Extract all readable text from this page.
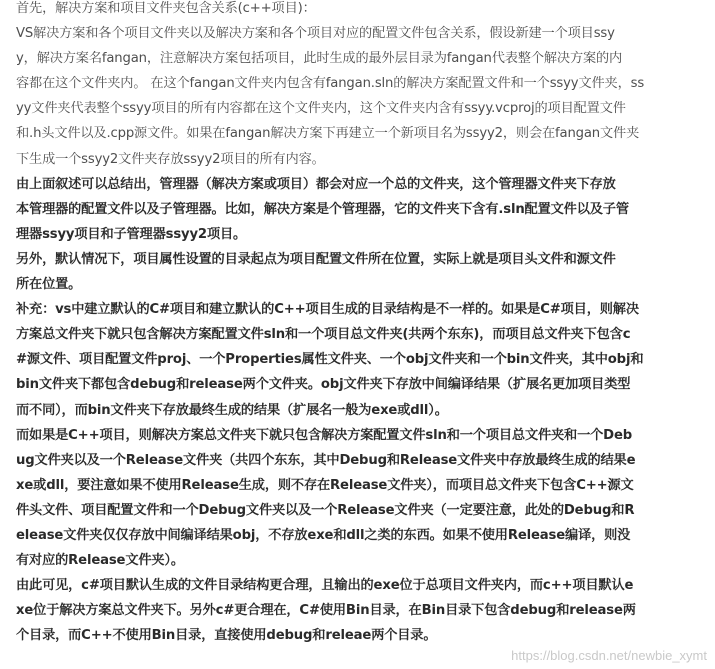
首先，解决方案和项目文件夹包含关系(c++项目)：
VS解决方案和各个项目文件夹以及解决方案和各个项目对应的配置文件包含关系，假设新建一个项目ssy
y，解决方案名fangan，注意解决方案包括项目，此时生成的最外层目录为fangan代表整个解决方案的内
容都在这个文件夹内。 在这个fangan文件夹内包含有fangan.sln的解决方案配置文件和一个ssyy文件夹，ss
yy文件夹代表整个ssyy项目的所有内容都在这个文件夹内，这个文件夹内含有ssyy.vcproj的项目配置文件
和.h头文件以及.cpp源文件。如果在fangan解决方案下再建立一个新项目名为ssyy2，则会在fangan文件夹
下生成一个ssyy2文件夹存放ssyy2项目的所有内容。
由上面叙述可以总结出，管理器（解决方案或项目）都会对应一个总的文件夹，这个管理器文件夹下存放
本管理器的配置文件以及子管理器。比如，解决方案是个管理器，它的文件夹下含有.sln配置文件以及子管
理器ssyy项目和子管理器ssyy2项目。
另外，默认情况下，项目属性设置的目录起点为项目配置文件所在位置，实际上就是项目头文件和源文件
所在位置。
补充：vs中建立默认的C#项目和建立默认的C++项目生成的目录结构是不一样的。如果是C#项目，则解决
方案总文件夹下就只包含解决方案配置文件sln和一个项目总文件夹(共两个东东)，而项目总文件夹下包含c
#源文件、项目配置文件proj、一个Properties属性文件夹、一个obj文件夹和一个bin文件夹，其中obj和
bin文件夹下都包含debug和release两个文件夹。obj文件夹下存放中间编译结果（扩展名更加项目类型
而不同），而bin文件夹下存放最终生成的结果（扩展名一般为exe或dll）。
而如果是C++项目，则解决方案总文件夹下就只包含解决方案配置文件sln和一个项目总文件夹和一个Deb
ug文件夹以及一个Release文件夹（共四个东东，其中Debug和Release文件夹中存放最终生成的结果e
xe或dll，要注意如果不使用Release生成，则不存在Release文件夹），而项目总文件夹下包含C++源文
件头文件、项目配置文件和一个Debug文件夹以及一个Release文件夹（一定要注意，此处的Debug和R
elease文件夹仅仅存放中间编译结果obj，不存放exe和dll之类的东西。如果不使用Release编译，则没
有对应的Release文件夹）。
由此可见，c#项目默认生成的文件目录结构更合理，且输出的exe位于总项目文件夹内，而c++项目默认e
xe位于解决方案总文件夹下。另外c#更合理在，C#使用Bin目录，在Bin目录下包含debug和release两
个目录，而C++不使用Bin目录，直接使用debug和releae两个目录。
https://blog.csdn.net/newbie_xymt
